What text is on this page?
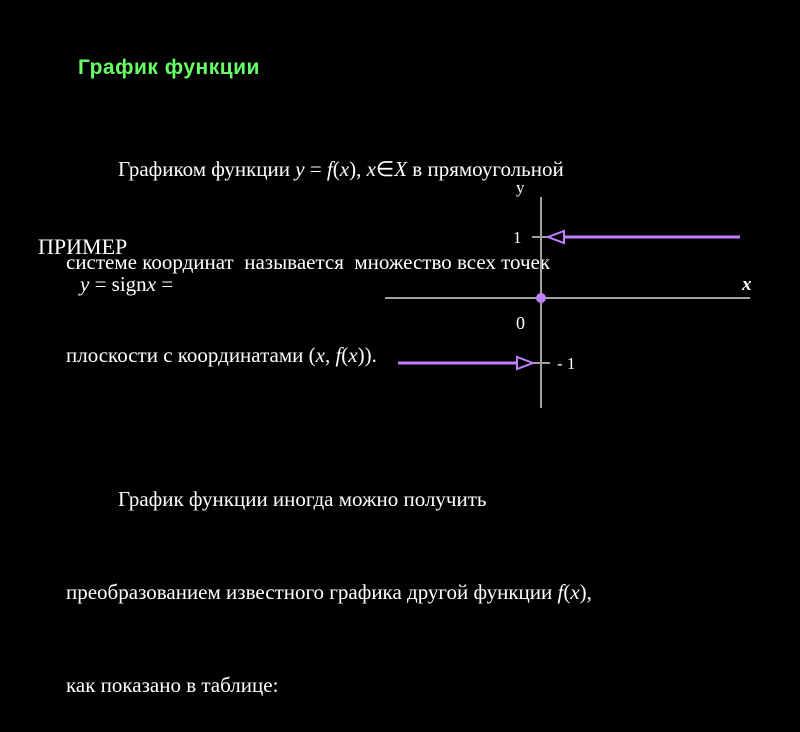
График функции

Графиком функции y = f(x), x∈X в прямоугольной

системе координат  называется  множество всех точек

плоскости с координатами (x, f(x)).

ПРИМЕР
y = signx =
y
x
0
1
- 1

График функции иногда можно получить

преобразованием известного графика другой функции f(x),

как показано в таблице:
